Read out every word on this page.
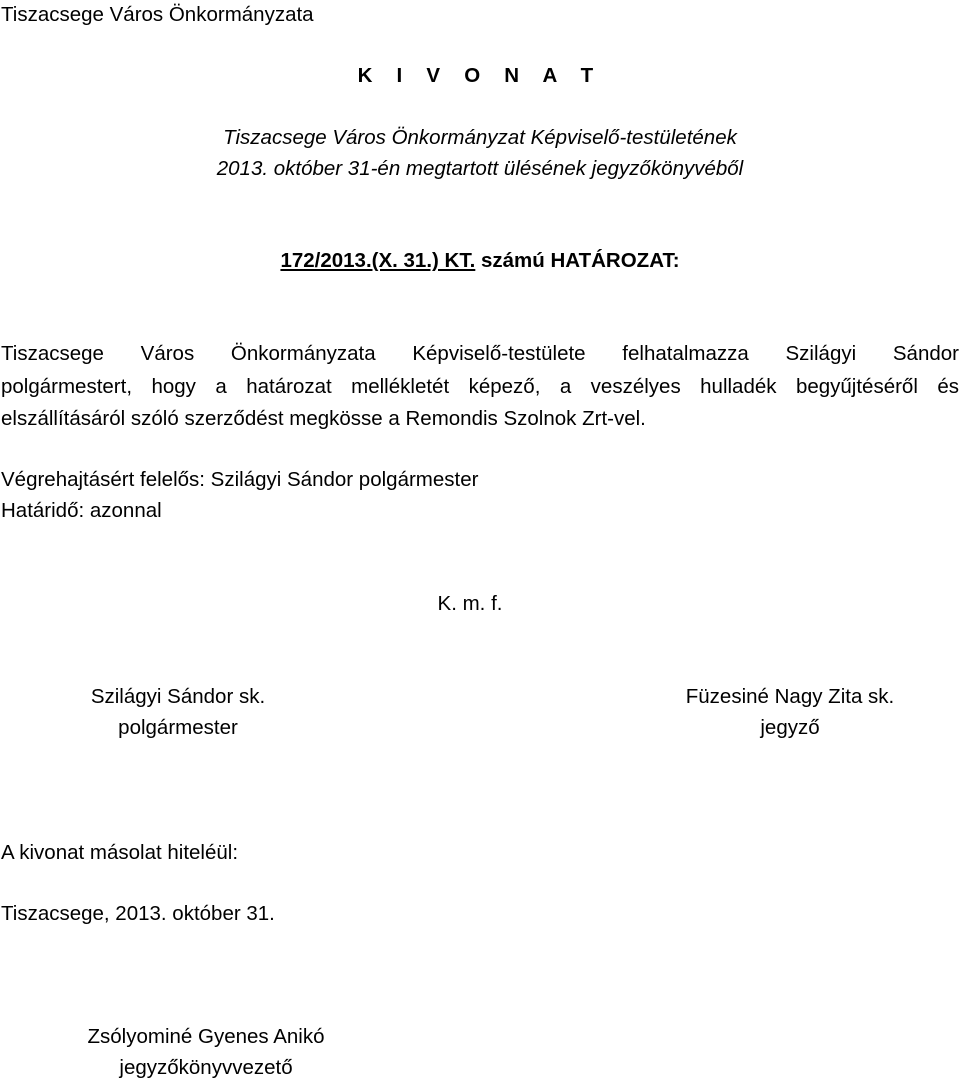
Tiszacsege Város Önkormányzata
K I V O N A T
Tiszacsege Város Önkormányzat Képviselő-testületének
2013. október 31-én megtartott ülésének jegyzőkönyvéből
172/2013.(X. 31.) KT. számú HATÁROZAT:
Tiszacsege Város Önkormányzata Képviselő-testülete felhatalmazza Szilágyi Sándor
polgármestert, hogy a határozat mellékletét képező, a veszélyes hulladék begyűjtéséről és
elszállításáról szóló szerződést megkösse a Remondis Szolnok Zrt-vel.
Végrehajtásért felelős: Szilágyi Sándor polgármester
Határidő: azonnal
K. m. f.
Szilágyi Sándor sk.
polgármester
Füzesiné Nagy Zita sk.
jegyző
A kivonat másolat hiteléül:
Tiszacsege, 2013. október 31.
Zsólyominé Gyenes Anikó
jegyzőkönyvvezető
